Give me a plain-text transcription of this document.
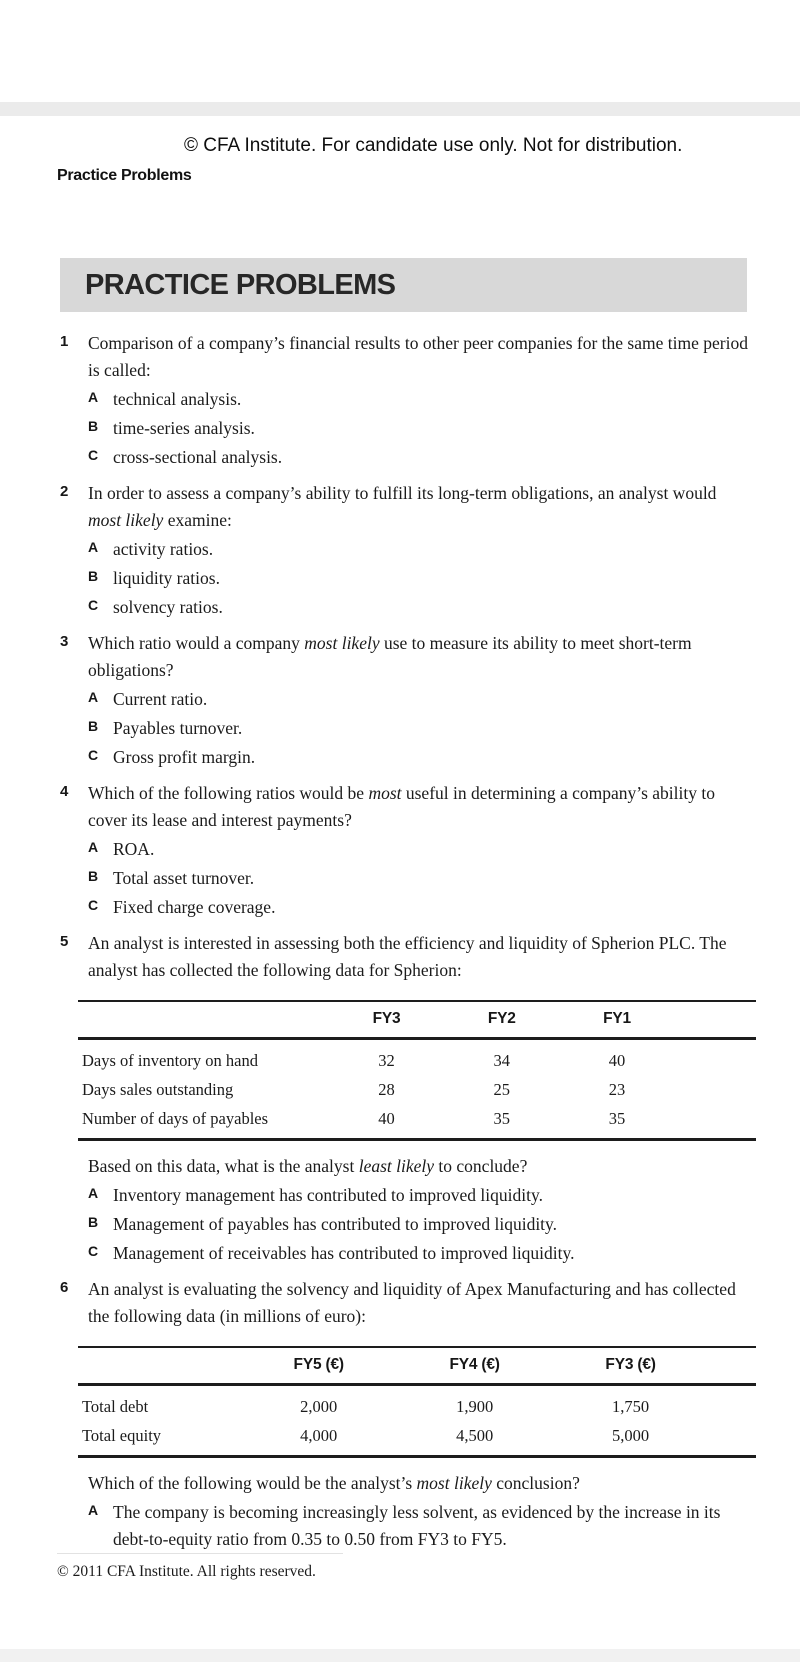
© CFA Institute. For candidate use only. Not for distribution.
Practice Problems
PRACTICE PROBLEMS
1	Comparison of a company’s financial results to other peer companies for the same time period is called:

A technical analysis.
B time-series analysis.
C cross-sectional analysis.
2	In order to assess a company’s ability to fulfill its long-term obligations, an analyst would most likely examine:

A activity ratios.
B liquidity ratios.
C solvency ratios.
3	Which ratio would a company most likely use to measure its ability to meet short-term obligations?

A Current ratio.
B Payables turnover.
C Gross profit margin.
4	Which of the following ratios would be most useful in determining a company’s ability to cover its lease and interest payments?

A ROA.
B Total asset turnover.
C Fixed charge coverage.
5	An analyst is interested in assessing both the efficiency and liquidity of Spherion PLC. The analyst has collected the following data for Spherion:

	FY3	FY2	FY1	
Days of inventory on hand	32	34	40	
Days sales outstanding	28	25	23	
Number of days of payables	40	35	35	

Based on this data, what is the analyst least likely to conclude?

A Inventory management has contributed to improved liquidity.
B Management of payables has contributed to improved liquidity.
C Management of receivables has contributed to improved liquidity.
6	An analyst is evaluating the solvency and liquidity of Apex Manufacturing and has collected the following data (in millions of euro):

	FY5 (€)	FY4 (€)	FY3 (€)	
Total debt	2,000	1,900	1,750	
Total equity	4,000	4,500	5,000	

Which of the following would be the analyst’s most likely conclusion?

A The company is becoming increasingly less solvent, as evidenced by the increase in its debt-to-equity ratio from 0.35 to 0.50 from FY3 to FY5.
© 2011 CFA Institute. All rights reserved.
